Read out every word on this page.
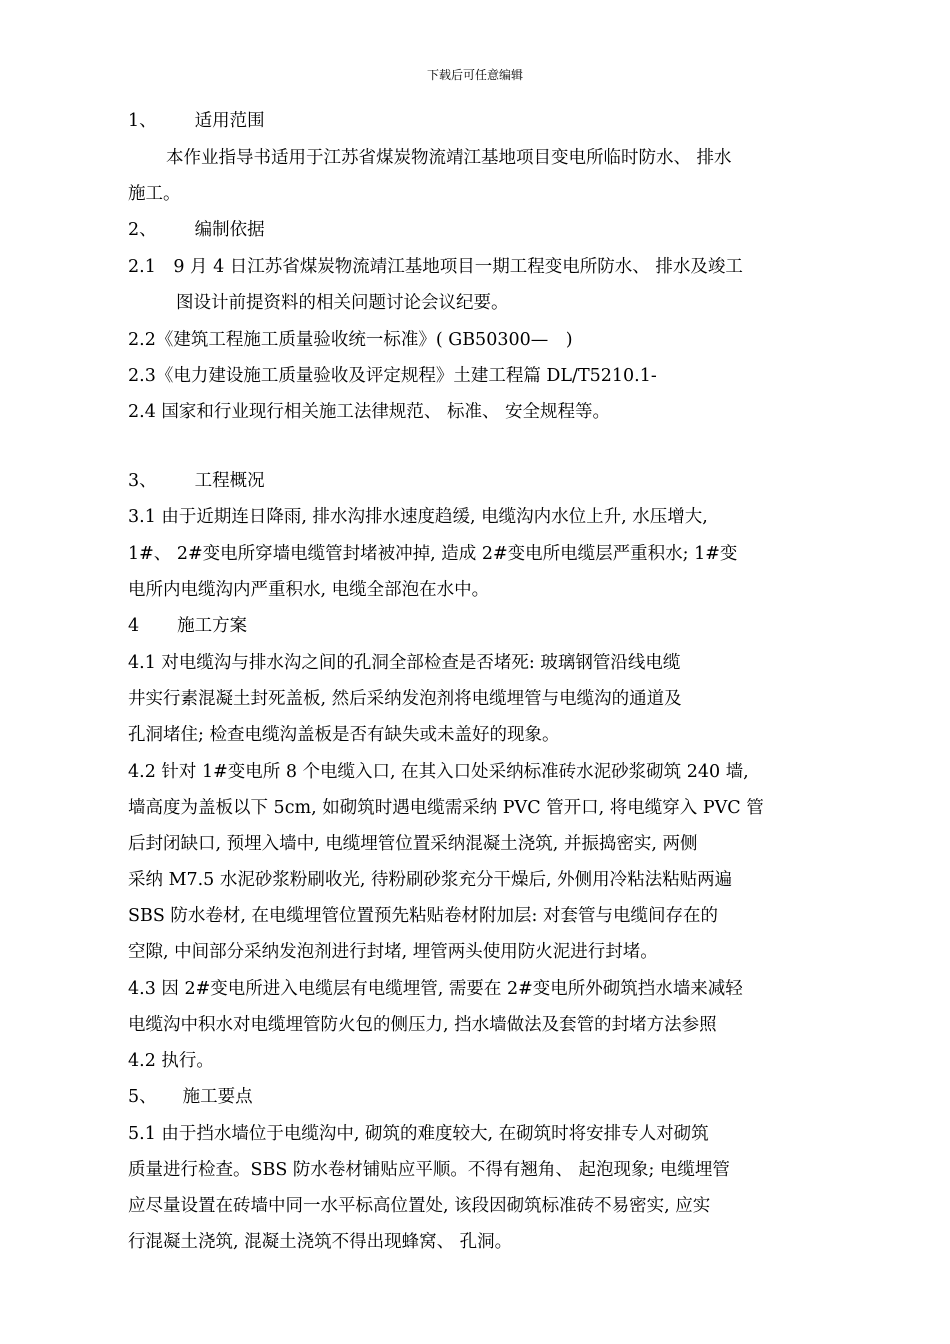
下载后可任意编辑
1、 适用范围
本作业指导书适用于江苏省煤炭物流靖江基地项目变电所临时防水、 排水
施工。
2、 编制依据
2.1　9 月 4 日江苏省煤炭物流靖江基地项目一期工程变电所防水、 排水及竣工
图设计前提资料的相关问题讨论会议纪要。
2.2《建筑工程施工质量验收统一标准》( GB50300—　)
2.3《电力建设施工质量验收及评定规程》土建工程篇 DL/T5210.1-
2.4 国家和行业现行相关施工法律规范、 标准、 安全规程等。
3、 工程概况
3.1 由于近期连日降雨, 排水沟排水速度趋缓, 电缆沟内水位上升, 水压增大,
1#、 2#变电所穿墙电缆管封堵被冲掉, 造成 2#变电所电缆层严重积水; 1#变
电所内电缆沟内严重积水, 电缆全部泡在水中。
4 施工方案
4.1 对电缆沟与排水沟之间的孔洞全部检查是否堵死: 玻璃钢管沿线电缆
井实行素混凝土封死盖板, 然后采纳发泡剂将电缆埋管与电缆沟的通道及
孔洞堵住; 检查电缆沟盖板是否有缺失或未盖好的现象。
4.2 针对 1#变电所 8 个电缆入口, 在其入口处采纳标准砖水泥砂浆砌筑 240 墙,
墙高度为盖板以下 5cm, 如砌筑时遇电缆需采纳 PVC 管开口, 将电缆穿入 PVC 管
后封闭缺口, 预埋入墙中, 电缆埋管位置采纳混凝土浇筑, 并振捣密实, 两侧
采纳 M7.5 水泥砂浆粉刷收光, 待粉刷砂浆充分干燥后, 外侧用冷粘法粘贴两遍
SBS 防水卷材, 在电缆埋管位置预先粘贴卷材附加层: 对套管与电缆间存在的
空隙, 中间部分采纳发泡剂进行封堵, 埋管两头使用防火泥进行封堵。
4.3 因 2#变电所进入电缆层有电缆埋管, 需要在 2#变电所外砌筑挡水墙来减轻
电缆沟中积水对电缆埋管防火包的侧压力, 挡水墙做法及套管的封堵方法参照
4.2 执行。
5、 施工要点
5.1 由于挡水墙位于电缆沟中, 砌筑的难度较大, 在砌筑时将安排专人对砌筑
质量进行检查。SBS 防水卷材铺贴应平顺。不得有翘角、 起泡现象; 电缆埋管
应尽量设置在砖墙中同一水平标高位置处, 该段因砌筑标准砖不易密实, 应实
行混凝土浇筑, 混凝土浇筑不得出现蜂窝、 孔洞。
